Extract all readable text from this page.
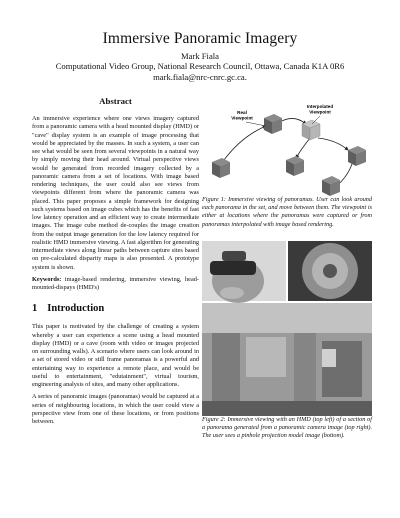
Immersive Panoramic Imagery
Mark Fiala
Computational Video Group, National Research Council, Ottawa, Canada K1A 0R6
mark.fiala@nrc-cnrc.gc.ca.
Abstract

An immersive experience where one views imagery captured from a panoramic camera with a head mounted display (HMD) or "cave" display system is an example of image processing that would be appreciated by the masses. In such a system, a user can see what would be seen from several viewpoints in a natural way by simply moving their head around. Virtual perspective views would be generated from recorded imagery collected by a panoramic camera from a set of locations. With image based rendering techniques, the user could also see views from viewpoints different from where the panoramic camera was placed. This paper proposes a simple framework for designing such systems based on image cubes which has the benefits of fast low latency operation and an efficient way to create intermediate images. The image cube method de-couples the image creation from the output image generation for the low latency required for realistic HMD immersive viewing. A fast algorithm for generating intermediate views along linear paths between capture sites based on pre-calculated disparity maps is also presented. A prototype system is shown.

Keywords: image-based rendering, immersive viewing, head-mounted-dispays (HMD's)

1 Introduction

This paper is motivated by the challenge of creating a system whereby a user can experience a scene using a head mounted display (HMD) or a cave (room with video or images projected on surrounding walls). A scenario where users can look around in a set of stored video or still frame panoramas is a powerful and entertaining way to experience a remote place, and would be useful to entertainment, "edutainment", virtual tourism, engineering analysis of sites, and many other applications.

A series of panoramic images (panoramas) would be captured at a series of neighbouring locations, in which the user could view a perspective view from one of these locations, or from positions between.

Real Viewpoint
Interpolated Viewpoint

Figure 1: Immersive viewing of panoramas. User can look around each panorama in the set, and move between them. The viewpoint is either at locations where the panoramas were captured or from panoramas interpolated with image based rendering.

Figure 2: Immersive viewing with an HMD (top left) of a section of a panorama generated from a panoramic camera image (top right). The user sees a pinhole projection model image (bottom).
